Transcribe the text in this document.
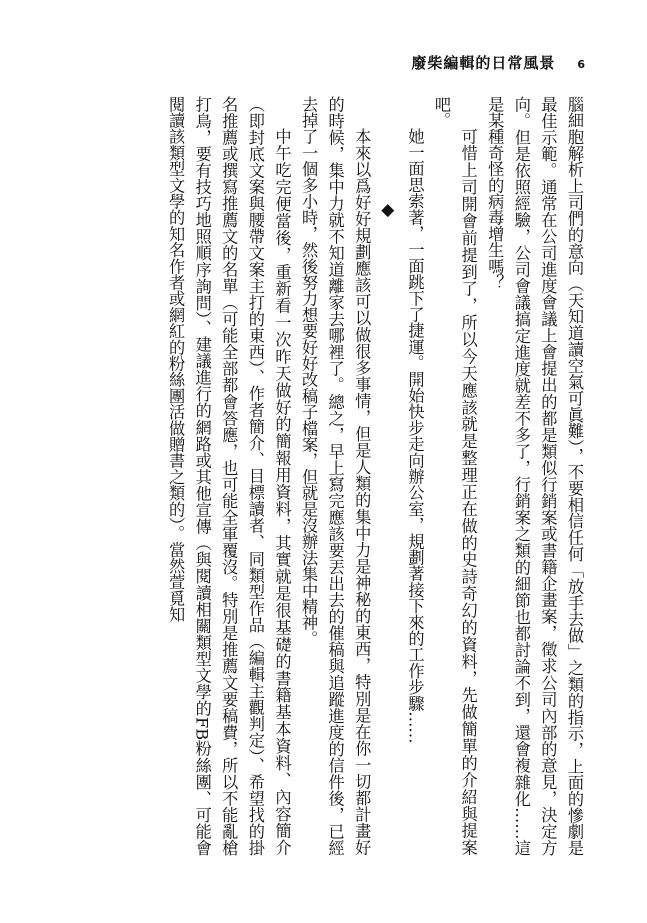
廢柴編輯的日常風景 6

腦細胞解析上司們的意向（天知道讀空氣可眞難），不要相信任何「放手去做」之類的指示，上面的慘劇是最佳示範。通常在公司進度會議上會提出的都是類似行銷案或書籍企畫案，徵求公司內部的意見，決定方向。但是依照經驗，公司會議搞定進度就差不多了，行銷案之類的細節也都討論不到，還會複雜化……這是某種奇怪的病毒增生嗎？

可惜上司開會前提到了，所以今天應該就是整理正在做的史詩奇幻的資料，先做簡單的介紹與提案吧。

她一面思索著，一面跳下了捷運。開始快步走向辦公室，規劃著接下來的工作步驟……

◆

本來以爲好好規劃應該可以做很多事情，但是人類的集中力是神秘的東西，特別是在你一切都計畫好的時候，集中力就不知道離家去哪裡了。總之，早上寫完應該要丟出去的催稿與追蹤進度的信件後，已經去掉了一個多小時，然後努力想要好好改稿子檔案，但就是沒辦法集中精神。

中午吃完便當後，重新看一次昨天做好的簡報用資料，其實就是很基礎的書籍基本資料、內容簡介（即封底文案與腰帶文案主打的東西）、作者簡介、目標讀者、同類型作品（編輯主觀判定）、希望找的掛名推薦或撰寫推薦文的名單（可能全部都會答應，也可能全軍覆沒。特別是推薦文要稿費，所以不能亂槍打鳥，要有技巧地照順序詢問）、建議進行的網路或其他宣傳（與閱讀相關類型文學的FB粉絲團、可能會閱讀該類型文學的知名作者或網紅的粉絲團活做贈書之類的）。當然萱覓知
